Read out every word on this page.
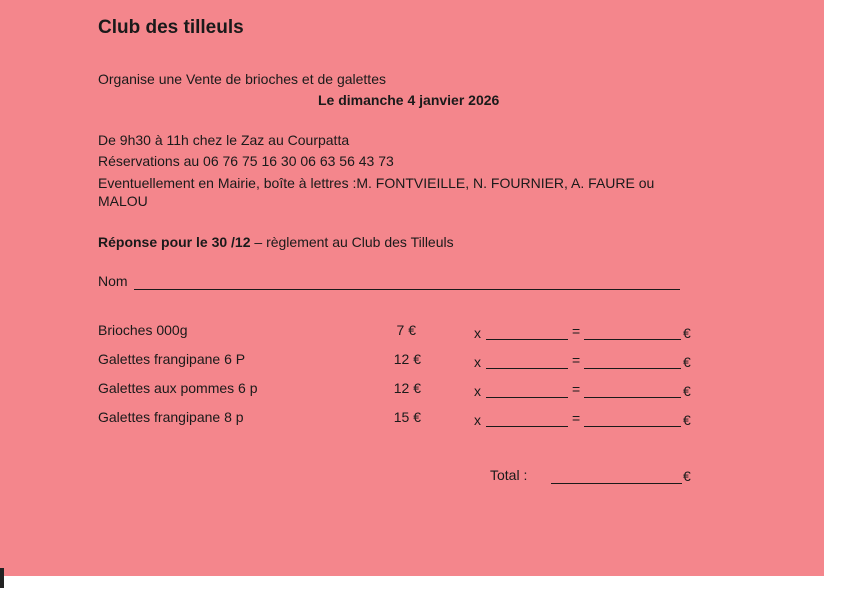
Club des tilleuls
Organise une Vente de brioches et de galettes
Le dimanche 4 janvier 2026
De 9h30 à 11h chez le Zaz au Courpatta
Réservations au 06 76 75 16 30 06 63 56 43 73
Eventuellement en Mairie, boîte à lettres :M. FONTVIEILLE, N. FOURNIER, A. FAURE ou
MALOU
Réponse pour le 30 /12 – règlement au Club des Tilleuls
Nom
Brioches 000g	7 €	x	=	€
Galettes frangipane 6 P	12 €	x	=	€
Galettes aux pommes 6 p	12 €	x	=	€
Galettes frangipane 8 p	15 €	x	=	€
Total :	€
